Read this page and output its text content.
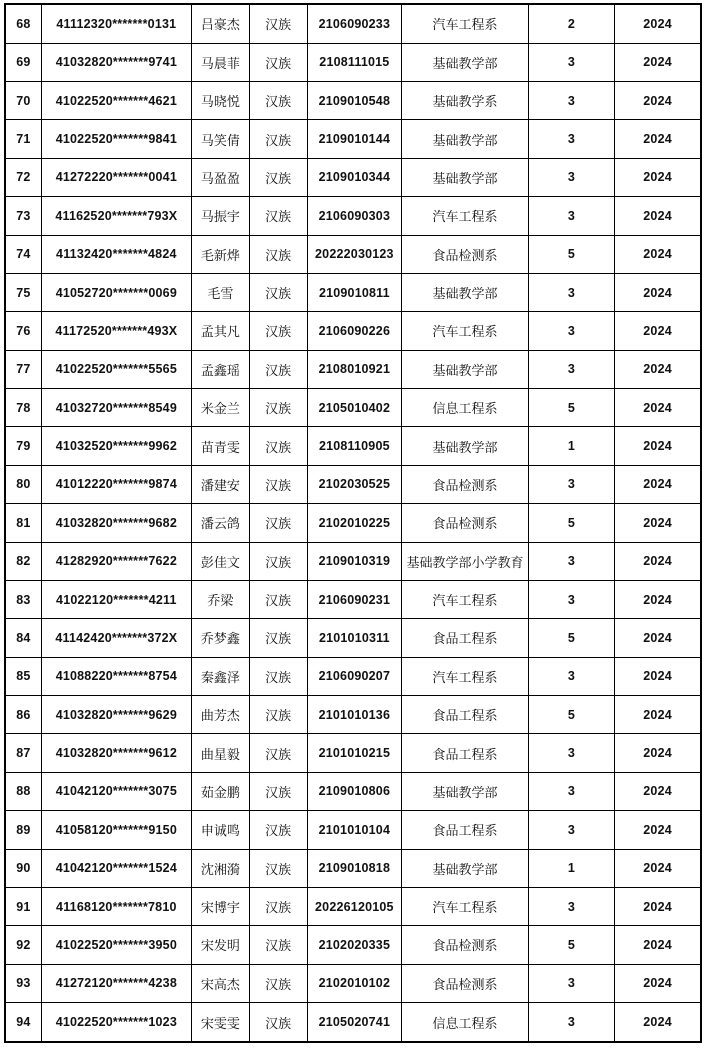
68	41112320*******0131	吕豪杰	汉族	2106090233	汽车工程系	2	2024
69	41032820*******9741	马晨菲	汉族	2108111015	基础教学部	3	2024
70	41022520*******4621	马晓悦	汉族	2109010548	基础教学系	3	2024
71	41022520*******9841	马笑倩	汉族	2109010144	基础教学部	3	2024
72	41272220*******0041	马盈盈	汉族	2109010344	基础教学部	3	2024
73	41162520*******793X	马振宇	汉族	2106090303	汽车工程系	3	2024
74	41132420*******4824	毛新烨	汉族	20222030123	食品检测系	5	2024
75	41052720*******0069	毛雪	汉族	2109010811	基础教学部	3	2024
76	41172520*******493X	孟其凡	汉族	2106090226	汽车工程系	3	2024
77	41022520*******5565	孟鑫瑶	汉族	2108010921	基础教学部	3	2024
78	41032720*******8549	米金兰	汉族	2105010402	信息工程系	5	2024
79	41032520*******9962	苗青雯	汉族	2108110905	基础教学部	1	2024
80	41012220*******9874	潘建安	汉族	2102030525	食品检测系	3	2024
81	41032820*******9682	潘云鸽	汉族	2102010225	食品检测系	5	2024
82	41282920*******7622	彭佳文	汉族	2109010319	基础教学部小学教育	3	2024
83	41022120*******4211	乔梁	汉族	2106090231	汽车工程系	3	2024
84	41142420*******372X	乔梦鑫	汉族	2101010311	食品工程系	5	2024
85	41088220*******8754	秦鑫泽	汉族	2106090207	汽车工程系	3	2024
86	41032820*******9629	曲芳杰	汉族	2101010136	食品工程系	5	2024
87	41032820*******9612	曲星毅	汉族	2101010215	食品工程系	3	2024
88	41042120*******3075	茹金鹏	汉族	2109010806	基础教学部	3	2024
89	41058120*******9150	申诚鸣	汉族	2101010104	食品工程系	3	2024
90	41042120*******1524	沈湘漪	汉族	2109010818	基础教学部	1	2024
91	41168120*******7810	宋博宇	汉族	20226120105	汽车工程系	3	2024
92	41022520*******3950	宋发明	汉族	2102020335	食品检测系	5	2024
93	41272120*******4238	宋高杰	汉族	2102010102	食品检测系	3	2024
94	41022520*******1023	宋雯雯	汉族	2105020741	信息工程系	3	2024
